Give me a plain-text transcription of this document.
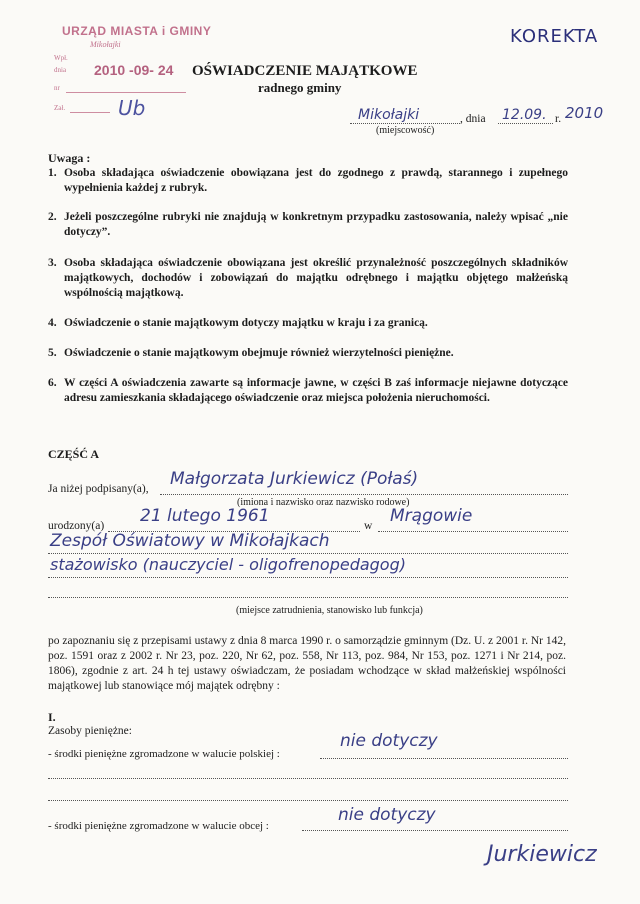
URZĄD MIASTA i GMINY
Mikołajki
Wpł.
dnia 2010 -09- 24
nr
Zał.	Ub
KOREKTA
OŚWIADCZENIE MAJĄTKOWE
radnego gminy
Mikołajki	, dnia 12.09. r. 2010
(miejscowość)
Uwaga :
1. Osoba składająca oświadczenie obowiązana jest do zgodnego z prawdą, starannego i zupełnego wypełnienia każdej z rubryk.
2. Jeżeli poszczególne rubryki nie znajdują w konkretnym przypadku zastosowania, należy wpisać „nie dotyczy”.
3. Osoba składająca oświadczenie obowiązana jest określić przynależność poszczególnych składników majątkowych, dochodów i zobowiązań do majątku odrębnego i majątku objętego małżeńską wspólnością majątkową.
4. Oświadczenie o stanie majątkowym dotyczy majątku w kraju i za granicą.
5. Oświadczenie o stanie majątkowym obejmuje również wierzytelności pieniężne.
6. W części A oświadczenia zawarte są informacje jawne, w części B zaś informacje niejawne dotyczące adresu zamieszkania składającego oświadczenie oraz miejsca położenia nieruchomości.
CZĘŚĆ A
Ja niżej podpisany(a), Małgorzata Jurkiewicz (Połaś)
(imiona i nazwisko oraz nazwisko rodowe)
urodzony(a) 21 lutego 1961	w Mrągowie
Zespół Oświatowy w Mikołajkach
stażowisko (nauczyciel - oligofrenopedagog)
(miejsce zatrudnienia, stanowisko lub funkcja)
po zapoznaniu się z przepisami ustawy z dnia 8 marca 1990 r. o samorządzie gminnym (Dz. U. z 2001 r. Nr 142, poz. 1591 oraz z 2002 r. Nr 23, poz. 220, Nr 62, poz. 558, Nr 113, poz. 984, Nr 153, poz. 1271 i Nr 214, poz. 1806), zgodnie z art. 24 h tej ustawy oświadczam, że posiadam wchodzące w skład małżeńskiej wspólności majątkowej lub stanowiące mój majątek odrębny :
I.
Zasoby pieniężne:
- środki pieniężne zgromadzone w walucie polskiej :
nie dotyczy
- środki pieniężne zgromadzone w walucie obcej :
nie dotyczy
Jurkiewicz
